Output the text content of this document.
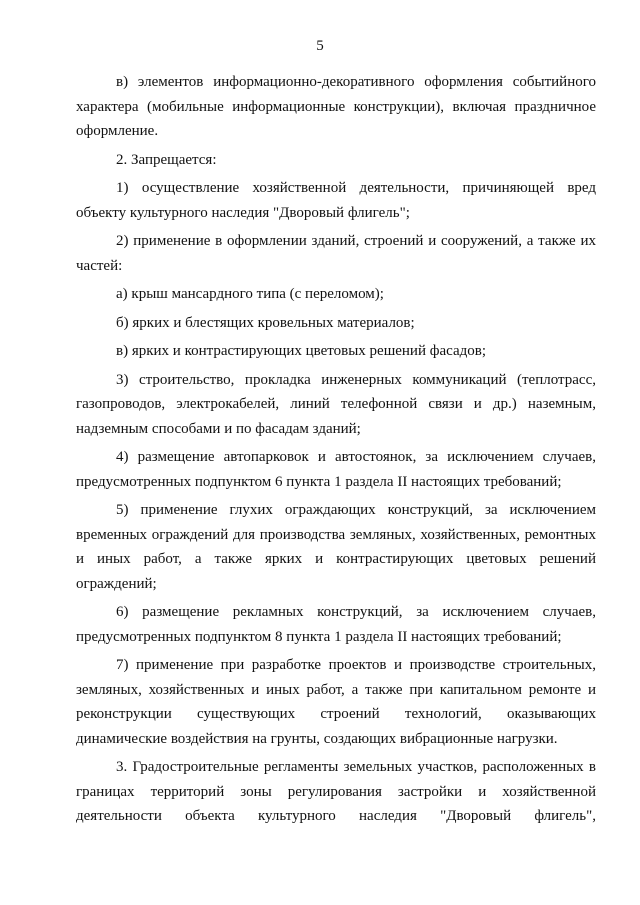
5

в) элементов информационно-декоративного оформления событийного характера (мобильные информационные конструкции), включая праздничное оформление.

2. Запрещается:

1) осуществление хозяйственной деятельности, причиняющей вред объекту культурного наследия "Дворовый флигель";

2) применение в оформлении зданий, строений и сооружений, а также их частей:

а) крыш мансардного типа (с переломом);

б) ярких и блестящих кровельных материалов;

в) ярких и контрастирующих цветовых решений фасадов;

3) строительство, прокладка инженерных коммуникаций (теплотрасс, газопроводов, электрокабелей, линий телефонной связи и др.) наземным, надземным способами и по фасадам зданий;

4) размещение автопарковок и автостоянок, за исключением случаев, предусмотренных подпунктом 6 пункта 1 раздела II настоящих требований;

5) применение глухих ограждающих конструкций, за исключением временных ограждений для производства земляных, хозяйственных, ремонтных и иных работ, а также ярких и контрастирующих цветовых решений ограждений;

6) размещение рекламных конструкций, за исключением случаев, предусмотренных подпунктом 8 пункта 1 раздела II настоящих требований;

7) применение при разработке проектов и производстве строительных, земляных, хозяйственных и иных работ, а также при капитальном ремонте и реконструкции существующих строений технологий, оказывающих динамические воздействия на грунты, создающих вибрационные нагрузки.

3. Градостроительные регламенты земельных участков, расположенных в границах территорий зоны регулирования застройки и хозяйственной деятельности объекта культурного наследия "Дворовый флигель",
